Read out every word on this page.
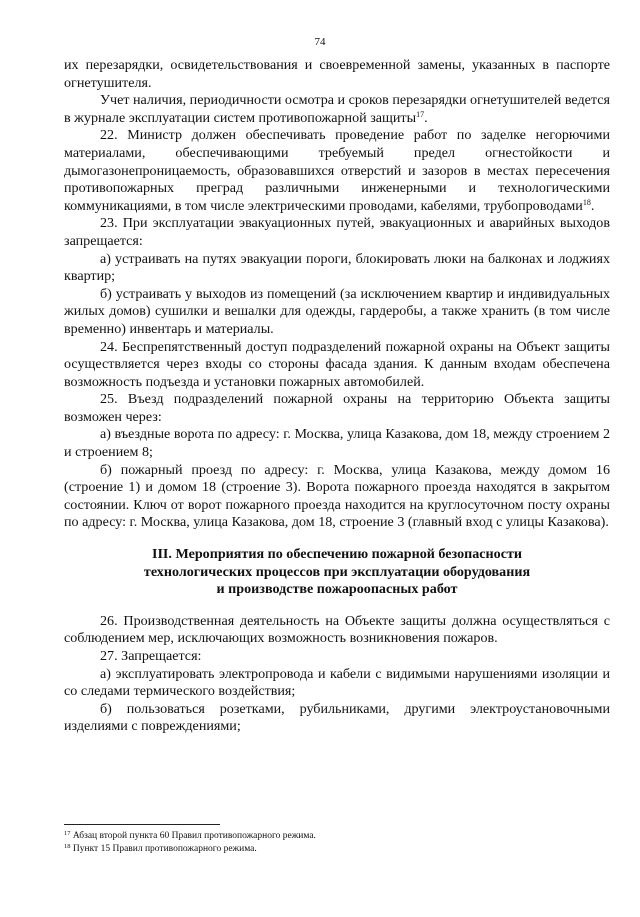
74

их перезарядки, освидетельствования и своевременной замены, указанных в паспорте огнетушителя.

Учет наличия, периодичности осмотра и сроков перезарядки огнетушителей ведется в журнале эксплуатации систем противопожарной защиты$^{17}$.

22. Министр должен обеспечивать проведение работ по заделке негорючими материалами, обеспечивающими требуемый предел огнестойкости и дымогазонепроницаемость, образовавшихся отверстий и зазоров в местах пересечения противопожарных преград различными инженерными и технологическими коммуникациями, в том числе электрическими проводами, кабелями, трубопроводами$^{18}$.

23. При эксплуатации эвакуационных путей, эвакуационных и аварийных выходов запрещается:

а) устраивать на путях эвакуации пороги, блокировать люки на балконах и лоджиях квартир;

б) устраивать у выходов из помещений (за исключением квартир и индивидуальных жилых домов) сушилки и вешалки для одежды, гардеробы, а также хранить (в том числе временно) инвентарь и материалы.

24. Беспрепятственный доступ подразделений пожарной охраны на Объект защиты осуществляется через входы со стороны фасада здания. К данным входам обеспечена возможность подъезда и установки пожарных автомобилей.

25. Въезд подразделений пожарной охраны на территорию Объекта защиты возможен через:

а) въездные ворота по адресу: г. Москва, улица Казакова, дом 18, между строением 2 и строением 8;

б) пожарный проезд по адресу: г. Москва, улица Казакова, между домом 16 (строение 1) и домом 18 (строение 3). Ворота пожарного проезда находятся в закрытом состоянии. Ключ от ворот пожарного проезда находится на круглосуточном посту охраны по адресу: г. Москва, улица Казакова, дом 18, строение 3 (главный вход с улицы Казакова).

III. Мероприятия по обеспечению пожарной безопасности
технологических процессов при эксплуатации оборудования
и производстве пожароопасных работ

26. Производственная деятельность на Объекте защиты должна осуществляться с соблюдением мер, исключающих возможность возникновения пожаров.

27. Запрещается:

а) эксплуатировать электропровода и кабели с видимыми нарушениями изоляции и со следами термического воздействия;

б) пользоваться розетками, рубильниками, другими электроустановочными изделиями с повреждениями;

$^{17}$ Абзац второй пункта 60 Правил противопожарного режима.

$^{18}$ Пункт 15 Правил противопожарного режима.
